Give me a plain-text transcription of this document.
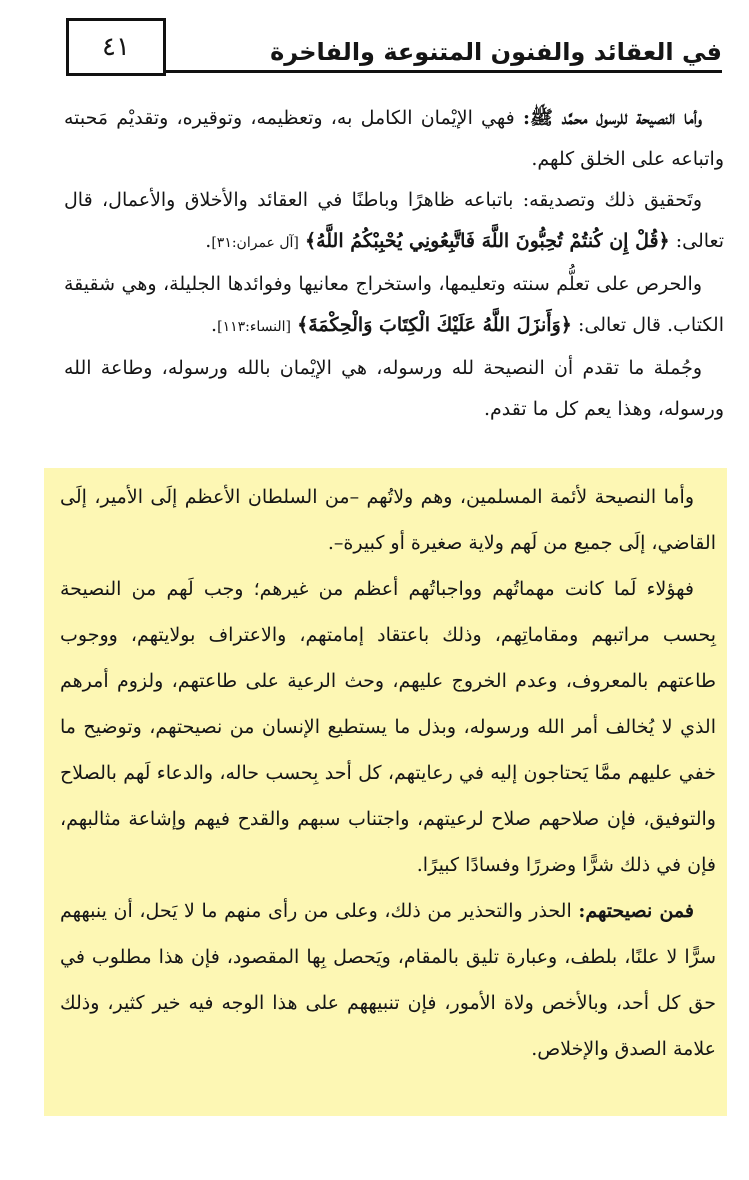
٤١	في العقائد والفنون المتنوعة والفاخرة

وأما النصيحة للرسول محمَّد ﷺ: فهي الإيْمان الكامل به، وتعظيمه، وتوقيره، وتقديْم مَحبته واتباعه على الخلق كلهم.

وتَحقيق ذلك وتصديقه: باتباعه ظاهرًا وباطنًا في العقائد والأخلاق والأعمال، قال تعالى: ﴿قُلْ إِن كُنتُمْ تُحِبُّونَ اللَّهَ فَاتَّبِعُونِي يُحْبِبْكُمُ اللَّهُ﴾ [آل عمران:٣١].

والحرص على تعلُّم سنته وتعليمها، واستخراج معانيها وفوائدها الجليلة، وهي شقيقة الكتاب. قال تعالى: ﴿وَأَنزَلَ اللَّهُ عَلَيْكَ الْكِتَابَ وَالْحِكْمَةَ﴾ [النساء:١١٣].

وجُملة ما تقدم أن النصيحة لله ورسوله، هي الإيْمان بالله ورسوله، وطاعة الله ورسوله، وهذا يعم كل ما تقدم.

وأما النصيحة لأئمة المسلمين، وهم ولاتُهم –من السلطان الأعظم إلَى الأمير، إلَى القاضي، إلَى جميع من لَهم ولاية صغيرة أو كبيرة–.

فهؤلاء لَما كانت مهماتُهم وواجباتُهم أعظم من غيرهم؛ وجب لَهم من النصيحة بِحسب مراتبهم ومقاماتِهم، وذلك باعتقاد إمامتهم، والاعتراف بولايتهم، ووجوب طاعتهم بالمعروف، وعدم الخروج عليهم، وحث الرعية على طاعتهم، ولزوم أمرهم الذي لا يُخالف أمر الله ورسوله، وبذل ما يستطيع الإنسان من نصيحتهم، وتوضيح ما خفي عليهم ممَّا يَحتاجون إليه في رعايتهم، كل أحد بِحسب حاله، والدعاء لَهم بالصلاح والتوفيق، فإن صلاحهم صلاح لرعيتهم، واجتناب سبهم والقدح فيهم وإشاعة مثالبهم، فإن في ذلك شرًّا وضررًا وفسادًا كبيرًا.

فمن نصيحتهم: الحذر والتحذير من ذلك، وعلى من رأى منهم ما لا يَحل، أن ينبههم سرًّا لا علنًا، بلطف، وعبارة تليق بالمقام، ويَحصل بِها المقصود، فإن هذا مطلوب في حق كل أحد، وبالأخص ولاة الأمور، فإن تنبيههم على هذا الوجه فيه خير كثير، وذلك علامة الصدق والإخلاص.
